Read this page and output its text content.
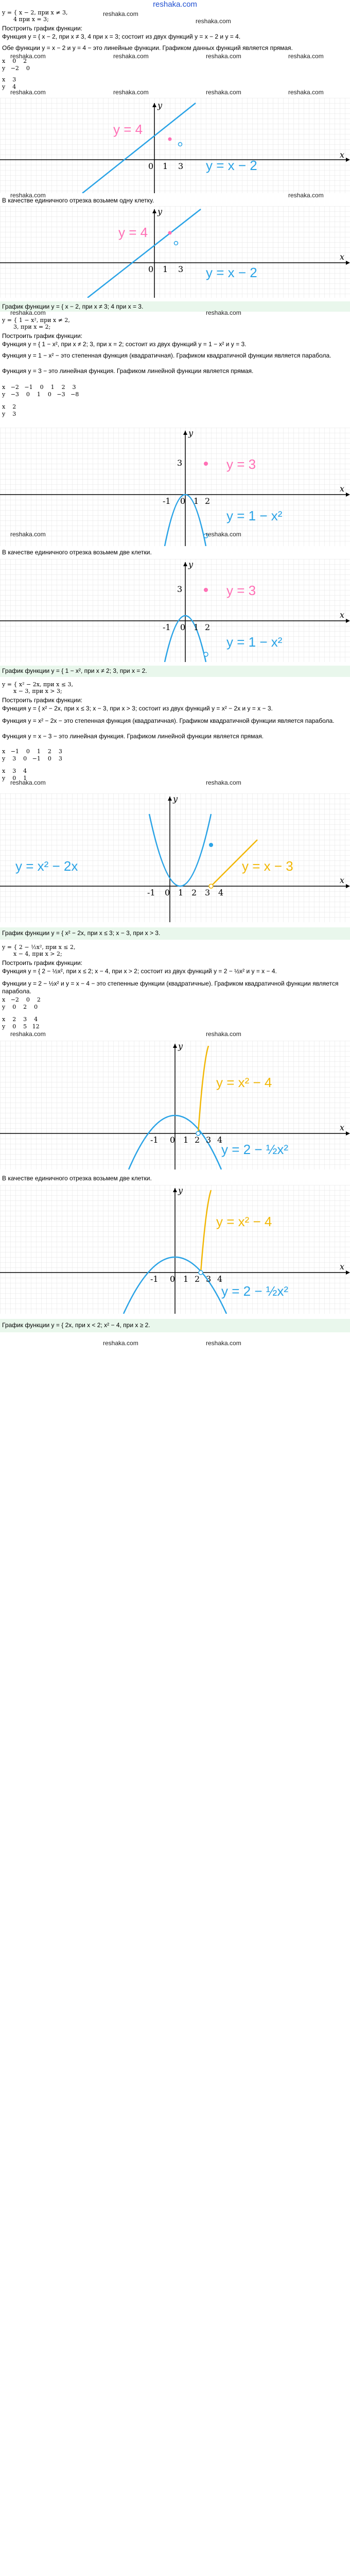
reshaka.com
y = { x − 2, при x ≠ 3,
4 при x = 3;
Построить график функции:
Функция y = { x − 2, при x ≠ 3, 4 при x = 3; состоит из двух функций y = x − 2 и y = 4.
Обе функции y = x − 2 и y = 4 − это линейные функции. Графиком данных функций является прямая.
x    0    2
y   −2    0
x    3
y    4
y = 4
y = x − 2
x
y
0 1 3
В качестве единичного отрезка возьмем одну клетку.
y = 4
y = x − 2
x
y
0 1 3
График функции y = { x − 2, при x ≠ 3; 4 при x = 3.
y = { 1 − x², при x ≠ 2,
3, при x = 2;
Построить график функции:
Функция y = { 1 − x², при x ≠ 2; 3, при x = 2; состоит из двух функций y = 1 − x² и y = 3.
Функция y = 1 − x² − это степенная функция (квадратичная). Графиком квадратичной функции является парабола.
Функция y = 3 − это линейная функция. Графиком линейной функции является прямая.
x   −2   −1    0    1    2    3
y   −3    0    1    0   −3   −8
x    2
y    3
y = 3
y = 1 − x²
x
y
0
-1	1 2
3
В качестве единичного отрезка возьмем две клетки.
y = 3
y = 1 − x²
x
y
0
-1	1 2
3
График функции y = { 1 − x², при x ≠ 2; 3, при x = 2.
y = { x² − 2x, при x ≤ 3,
x − 3, при x > 3;
Построить график функции:
Функция y = { x² − 2x, при x ≤ 3; x − 3, при x > 3; состоит из двух функций y = x² − 2x и y = x − 3.
Функция y = x² − 2x − это степенная функция (квадратичная). Графиком квадратичной функции является парабола.
Функция y = x − 3 − это линейная функция. Графиком линейной функции является прямая.
x   −1    0    1    2    3
y    3    0   −1    0    3
x    3    4
y    0    1
y = x² − 2x	y = x − 3
x
y
0
-1	1 2 3 4
График функции y = { x² − 2x, при x ≤ 3; x − 3, при x > 3.
y = { 2 − ½x², при x ≤ 2,
x − 4, при x > 2;
Построить график функции:
Функция y = { 2 − ½x², при x ≤ 2; x − 4, при x > 2; состоит из двух функций y = 2 − ½x² и y = x − 4.
Функции y = 2 − ½x² и y = x − 4 − это степенные функции (квадратичные). Графиком квадратичной функции является парабола.
x   −2    0    2
y    0    2    0
x    2    3    4
y    0    5   12
y = x² − 4
y = 2 − ½x²
x
y
0
-1	1 2 3 4
В качестве единичного отрезка возьмем две клетки.
y = x² − 4
y = 2 − ½x²
x
y
0
-1	1 2 3 4
График функции y = { 2x, при x < 2; x² − 4, при x ≥ 2.
reshaka.com
reshaka.com
reshaka.com	reshaka.com	reshaka.com	reshaka.com
reshaka.com	reshaka.com	reshaka.com	reshaka.com
reshaka.com	reshaka.com
reshaka.com	reshaka.com
reshaka.com	reshaka.com
reshaka.com	reshaka.com
reshaka.com	reshaka.com
reshaka.com	reshaka.com
